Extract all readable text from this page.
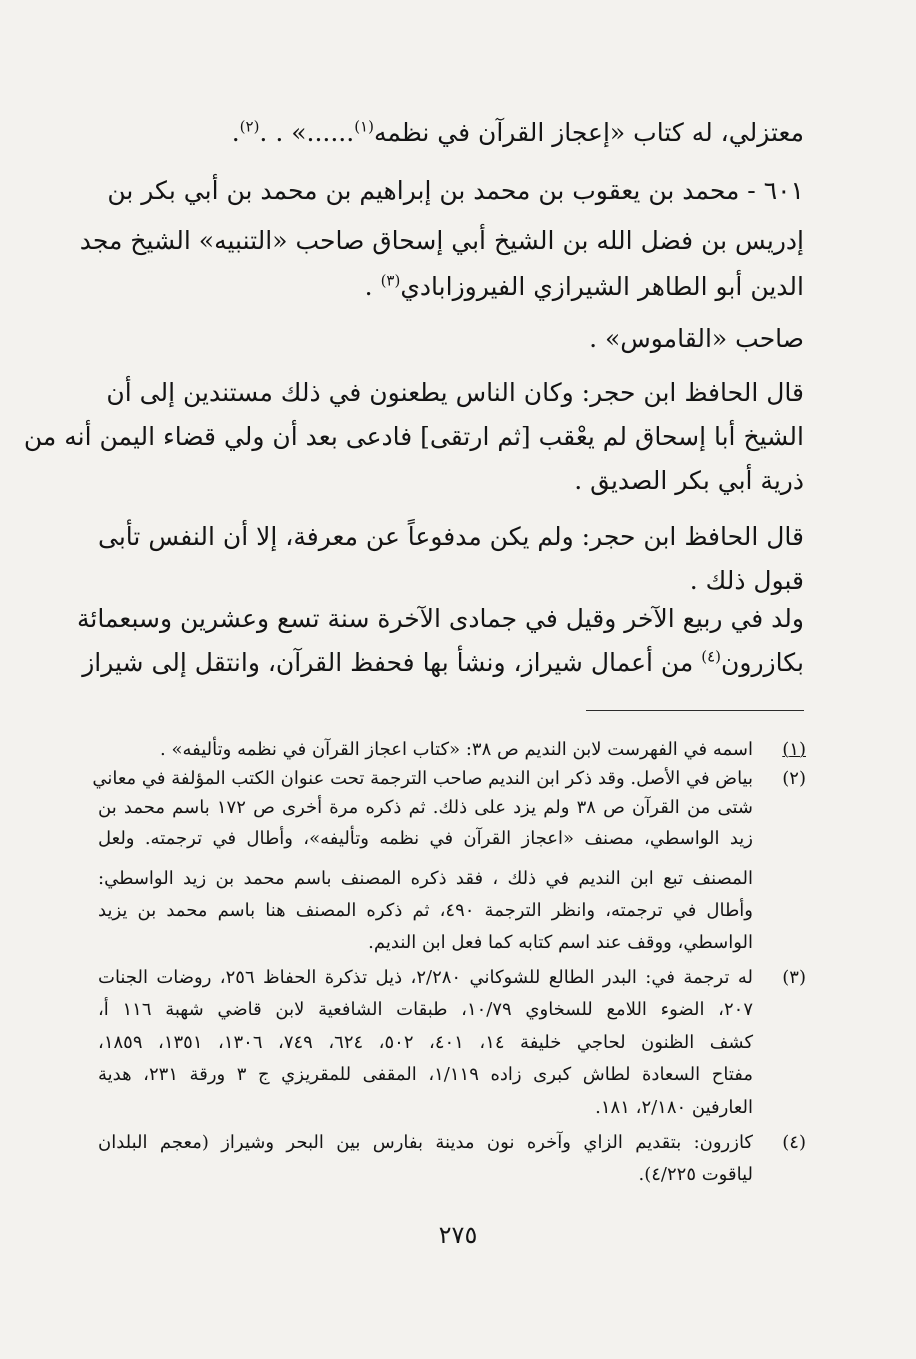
معتزلي، له كتاب «إعجاز القرآن في نظمه$^{(١)}$......» . .$^{(٢)}$.
٦٠١ - محمد بن يعقوب بن محمد بن إبراهيم بن محمد بن أبي بكر بن
إدريس بن فضل الله بن الشيخ أبي إسحاق صاحب «التنبيه» الشيخ مجد
الدين أبو الطاهر الشيرازي الفيروزابادي$^{(٣)}$ .
صاحب «القاموس» .
قال الحافظ ابن حجر: وكان الناس يطعنون في ذلك مستندين إلى أن
الشيخ أبا إسحاق لم يعْقب [ثم ارتقى] فادعى بعد أن ولي قضاء اليمن أنه من
ذرية أبي بكر الصديق .
قال الحافظ ابن حجر: ولم يكن مدفوعاً عن معرفة، إلا أن النفس تأبى
قبول ذلك .
ولد في ربيع الآخر وقيل في جمادى الآخرة سنة تسع وعشرين وسبعمائة
بكازرون$^{(٤)}$ من أعمال شيراز، ونشأ بها فحفظ القرآن، وانتقل إلى شيراز
(١)
اسمه في الفهرست لابن النديم ص ٣٨: «كتاب اعجاز القرآن في نظمه وتأليفه» .
(٢)
بياض في الأصل. وقد ذكر ابن النديم صاحب الترجمة تحت عنوان الكتب المؤلفة في معاني
شتى من القرآن ص ٣٨ ولم يزد على ذلك. ثم ذكره مرة أخرى ص ١٧٢ باسم محمد بن
زيد الواسطي، مصنف «اعجاز القرآن في نظمه وتأليفه»، وأطال في ترجمته. ولعل
المصنف تبع ابن النديم في ذلك ، فقد ذكره المصنف باسم محمد بن زيد الواسطي:
وأطال في ترجمته، وانظر الترجمة ٤٩٠، ثم ذكره المصنف هنا باسم محمد بن يزيد
الواسطي، ووقف عند اسم كتابه كما فعل ابن النديم.
(٣)
له ترجمة في: البدر الطالع للشوكاني ٢/٢٨٠، ذيل تذكرة الحفاظ ٢٥٦، روضات الجنات
٢٠٧، الضوء اللامع للسخاوي ١٠/٧٩، طبقات الشافعية لابن قاضي شهبة ١١٦ أ،
كشف الظنون لحاجي خليفة ١٤، ٤٠١، ٥٠٢، ٦٢٤، ٧٤٩، ١٣٠٦، ١٣٥١، ١٨٥٩،
مفتاح السعادة لطاش كبرى زاده ١/١١٩، المقفى للمقريزي ج ٣ ورقة ٢٣١، هدية
العارفين ٢/١٨٠، ١٨١.
(٤)
كازرون: بتقديم الزاي وآخره نون مدينة بفارس بين البحر وشيراز (معجم البلدان
لياقوت ٤/٢٢٥).
٢٧٥
